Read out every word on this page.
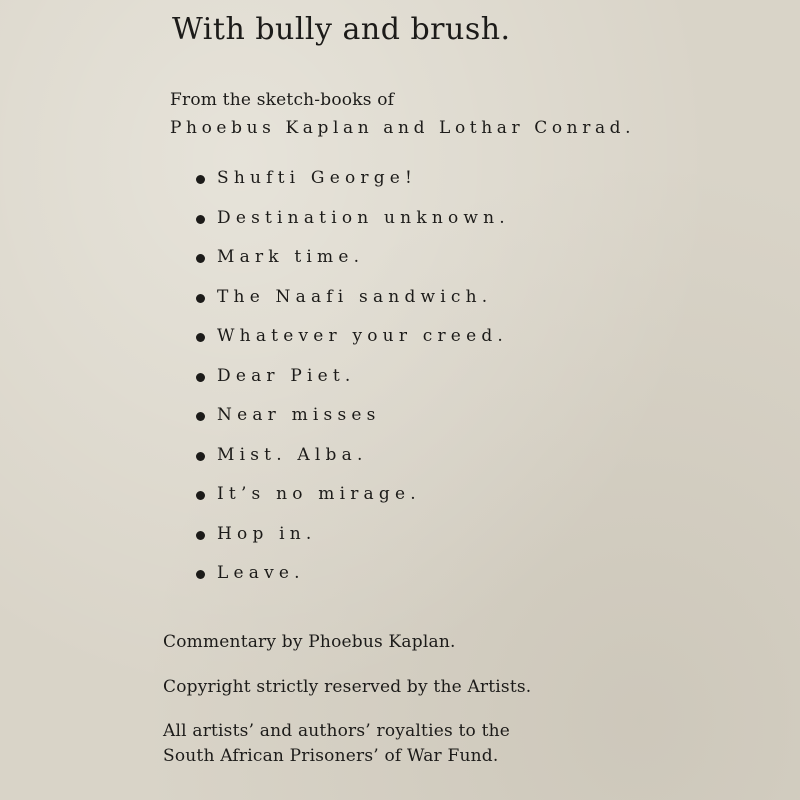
With bully and brush.
From the sketch-books of
Phoebus Kaplan and Lothar Conrad.
Shufti George!
Destination unknown.
Mark time.
The Naafi sandwich.
Whatever your creed.
Dear Piet.
Near misses
Mist. Alba.
It’s no mirage.
Hop in.
Leave.
Commentary by Phoebus Kaplan.
Copyright strictly reserved by the Artists.
All artists’ and authors’ royalties to the
South African Prisoners’ of War Fund.
